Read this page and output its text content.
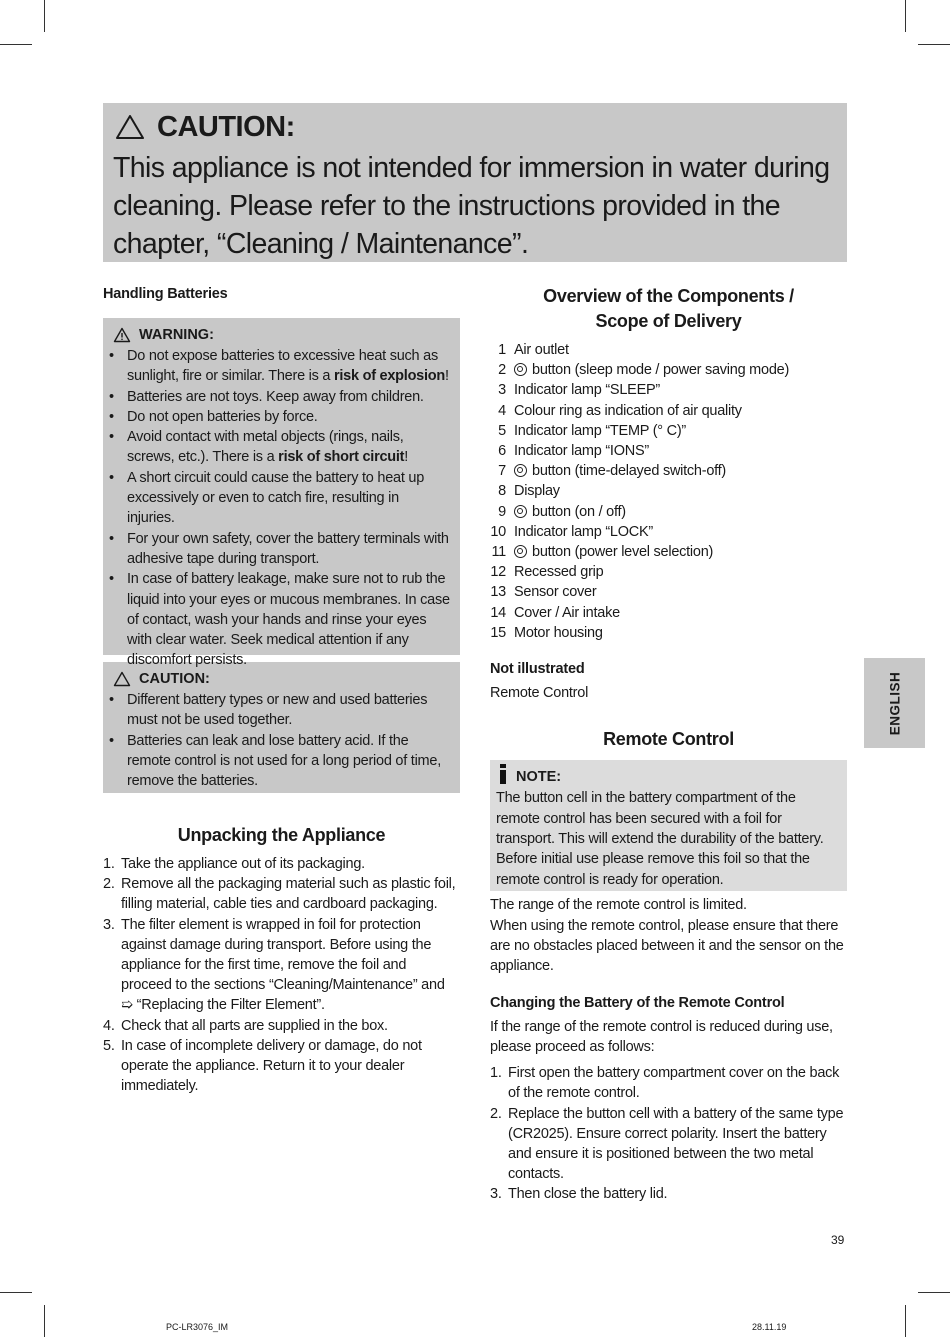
CAUTION:
This appliance is not intended for immersion in water during cleaning. Please refer to the instructions provided in the chapter, “Cleaning / Maintenance”.
Handling Batteries
WARNING:
• Do not expose batteries to excessive heat such as sunlight, fire or similar. There is a risk of explosion!
• Batteries are not toys. Keep away from children.
• Do not open batteries by force.
• Avoid contact with metal objects (rings, nails, screws, etc.). There is a risk of short circuit!
• A short circuit could cause the battery to heat up excessively or even to catch fire, resulting in injuries.
• For your own safety, cover the battery terminals with adhesive tape during transport.
• In case of battery leakage, make sure not to rub the liquid into your eyes or mucous membranes. In case of contact, wash your hands and rinse your eyes with clear water. Seek medical attention if any discomfort persists.
CAUTION:
• Different battery types or new and used batteries must not be used together.
• Batteries can leak and lose battery acid. If the remote control is not used for a long period of time, remove the batteries.
Unpacking the Appliance
1. Take the appliance out of its packaging.
2. Remove all the packaging material such as plastic foil, filling material, cable ties and cardboard packaging.
3. The filter element is wrapped in foil for protection against damage during transport. Before using the appliance for the first time, remove the foil and proceed to the sections “Cleaning/Maintenance” and ➯ “Replacing the Filter Element”.
4. Check that all parts are supplied in the box.
5. In case of incomplete delivery or damage, do not operate the appliance. Return it to your dealer immediately.
Overview of the Components /
Scope of Delivery
1 Air outlet
2	button (sleep mode / power saving mode)
3 Indicator lamp “SLEEP”
4 Colour ring as indication of air quality
5 Indicator lamp “TEMP (° C)”
6 Indicator lamp “IONS”
7	button (time-delayed switch-off)
8 Display
9	button (on / off)
10 Indicator lamp “LOCK”
11	button (power level selection)
12 Recessed grip
13 Sensor cover
14 Cover / Air intake
15 Motor housing
Not illustrated
Remote Control
Remote Control
NOTE:
The button cell in the battery compartment of the remote control has been secured with a foil for transport. This will extend the durability of the battery. Before initial use please remove this foil so that the remote control is ready for operation.
The range of the remote control is limited.
When using the remote control, please ensure that there are no obstacles placed between it and the sensor on the appliance.
Changing the Battery of the Remote Control
If the range of the remote control is reduced during use, please proceed as follows:
1. First open the battery compartment cover on the back of the remote control.
2. Replace the button cell with a battery of the same type (CR2025). Ensure correct polarity. Insert the battery and ensure it is positioned between the two metal contacts.
3. Then close the battery lid.
ENGLISH
39
PC-LR3076_IM	28.11.19
